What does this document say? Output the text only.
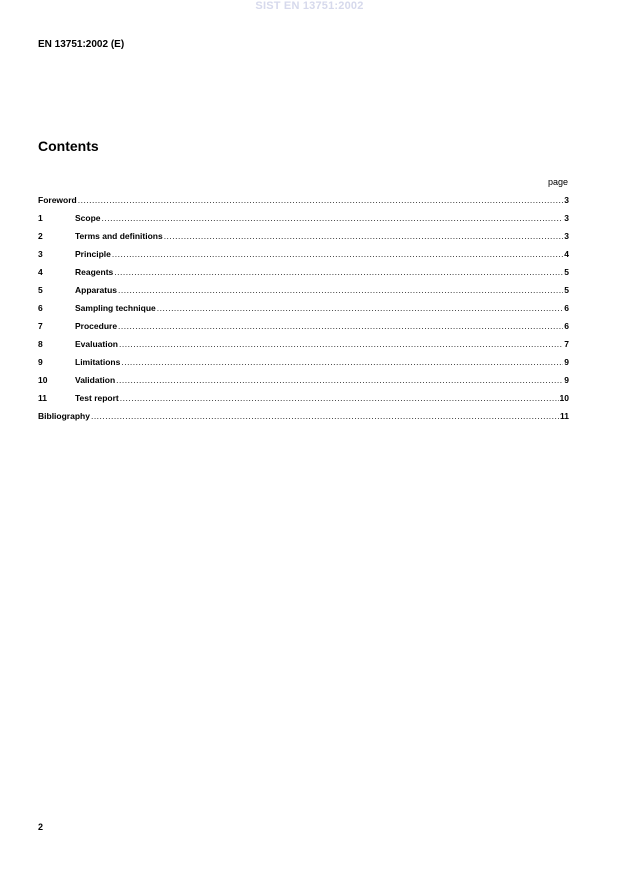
SIST EN 13751:2002
EN 13751:2002 (E)
Contents
page
Foreword .....	3
1	Scope .....	3
2	Terms and definitions .....	3
3	Principle .....	4
4	Reagents .....	5
5	Apparatus .....	5
6	Sampling technique .....	6
7	Procedure .....	6
8	Evaluation .....	7
9	Limitations .....	9
10	Validation .....	9
11	Test report .....	10
Bibliography .....	11
2
